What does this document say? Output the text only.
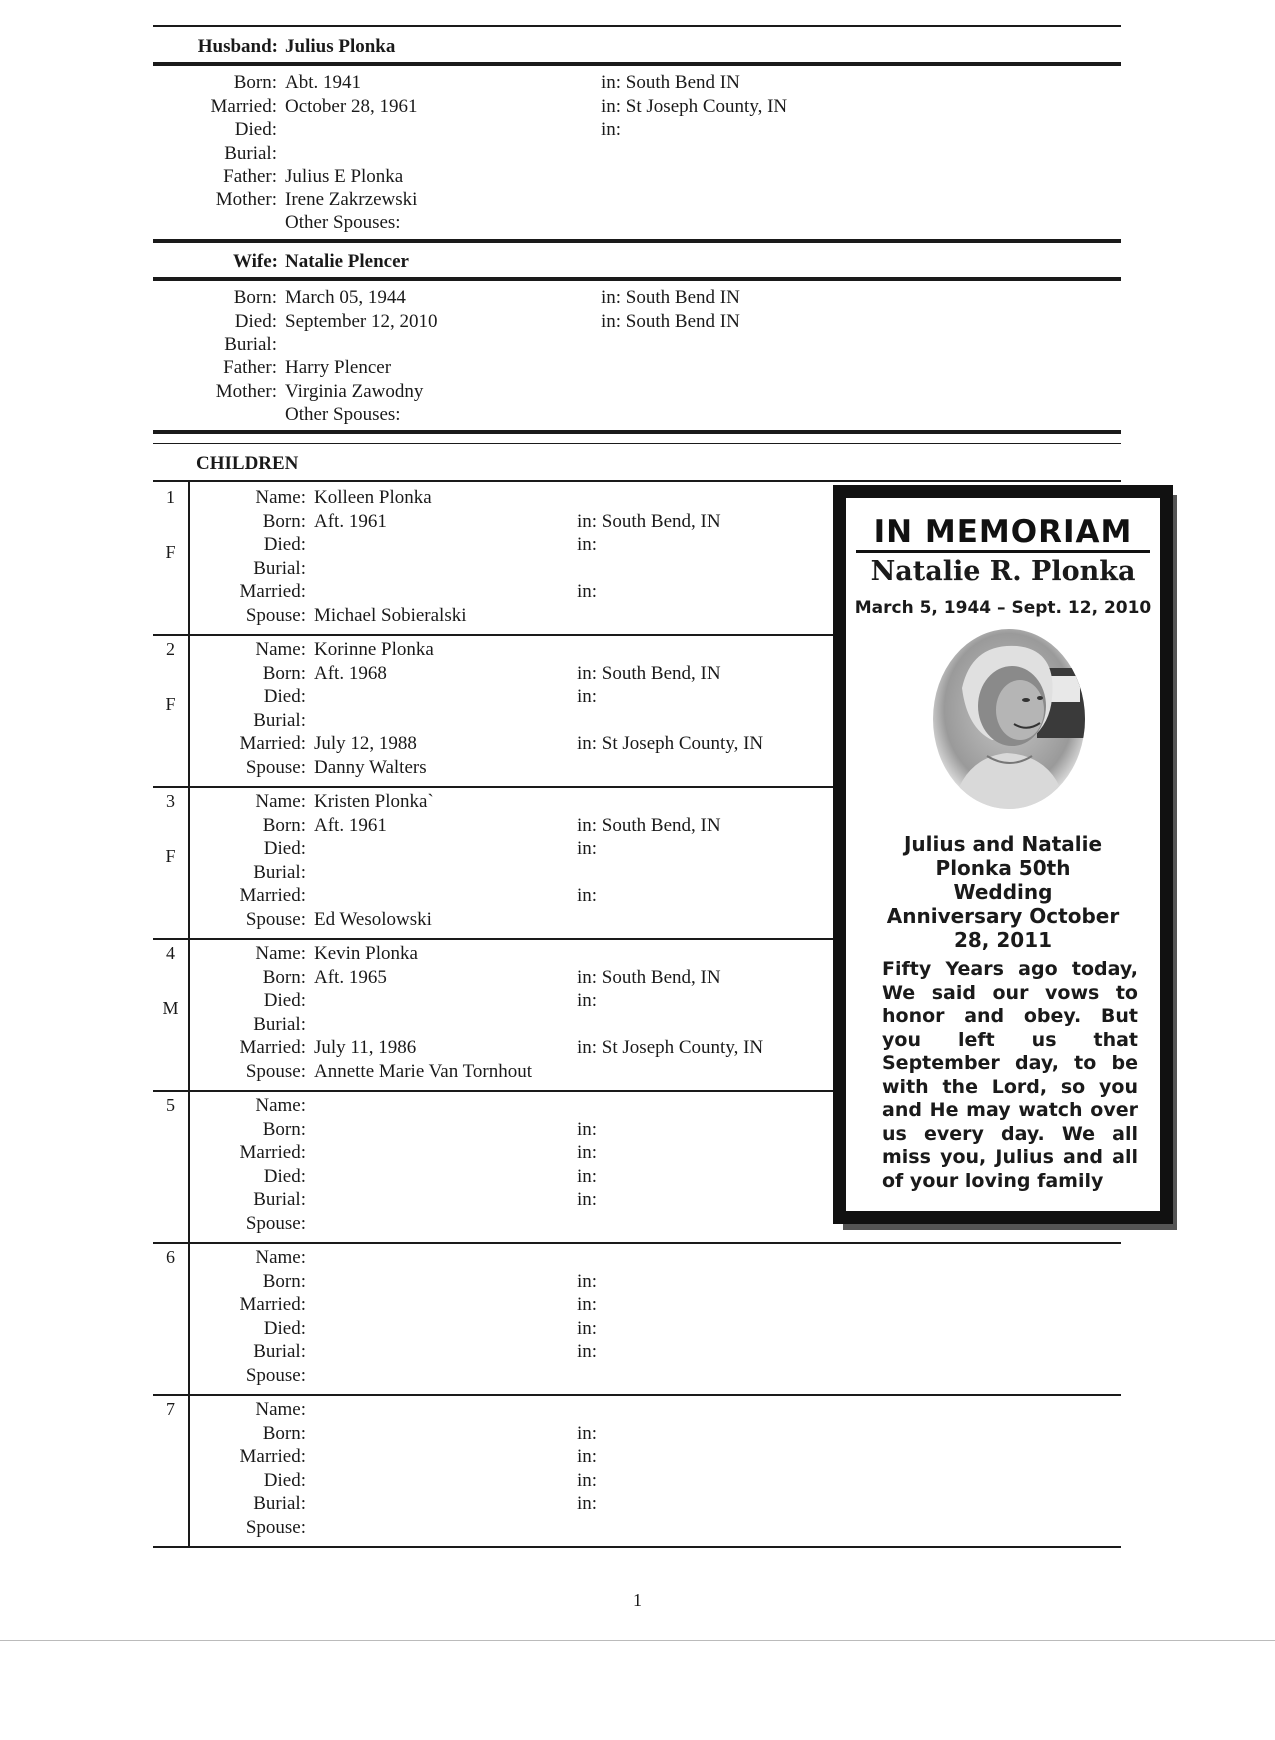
Husband: Julius Plonka
Born: Abt. 1941	in: South Bend IN
Married: October 28, 1961	in: St Joseph County, IN
Died:	in:
Burial:
Father: Julius E Plonka
Mother: Irene Zakrzewski
Other Spouses:
Wife: Natalie Plencer
Born: March 05, 1944	in: South Bend IN
Died: September 12, 2010	in: South Bend IN
Burial:
Father: Harry Plencer
Mother: Virginia Zawodny
Other Spouses:
CHILDREN
1	Name: Kolleen Plonka
Born: Aft. 1961	in: South Bend, IN
Died:	in:
Burial:
Married:	in:
Spouse: Michael Sobieralski
F
2	Name: Korinne Plonka
Born: Aft. 1968	in: South Bend, IN
Died:	in:
Burial:
Married: July 12, 1988	in: St Joseph County, IN
Spouse: Danny Walters
F
3	Name: Kristen Plonka`
Born: Aft. 1961	in: South Bend, IN
Died:	in:
Burial:
Married:	in:
Spouse: Ed Wesolowski
F
4	Name: Kevin Plonka
Born: Aft. 1965	in: South Bend, IN
Died:	in:
Burial:
Married: July 11, 1986	in: St Joseph County, IN
Spouse: Annette Marie Van Tornhout
M
5	Name:
Born:	in:
Married:	in:
Died:	in:
Burial:	in:
Spouse:
6	Name:
Born:	in:
Married:	in:
Died:	in:
Burial:	in:
Spouse:
7	Name:
Born:	in:
Married:	in:
Died:	in:
Burial:	in:
Spouse:
IN MEMORIAM
Natalie R. Plonka
March 5, 1944 – Sept. 12, 2010
Julius and Natalie Plonka 50th Wedding Anniversary October 28, 2011
Fifty Years ago today, We said our vows to honor and obey. But you left us that September day, to be with the Lord, so you and He may watch over us every day. We all miss you, Julius and all of your loving family
1
